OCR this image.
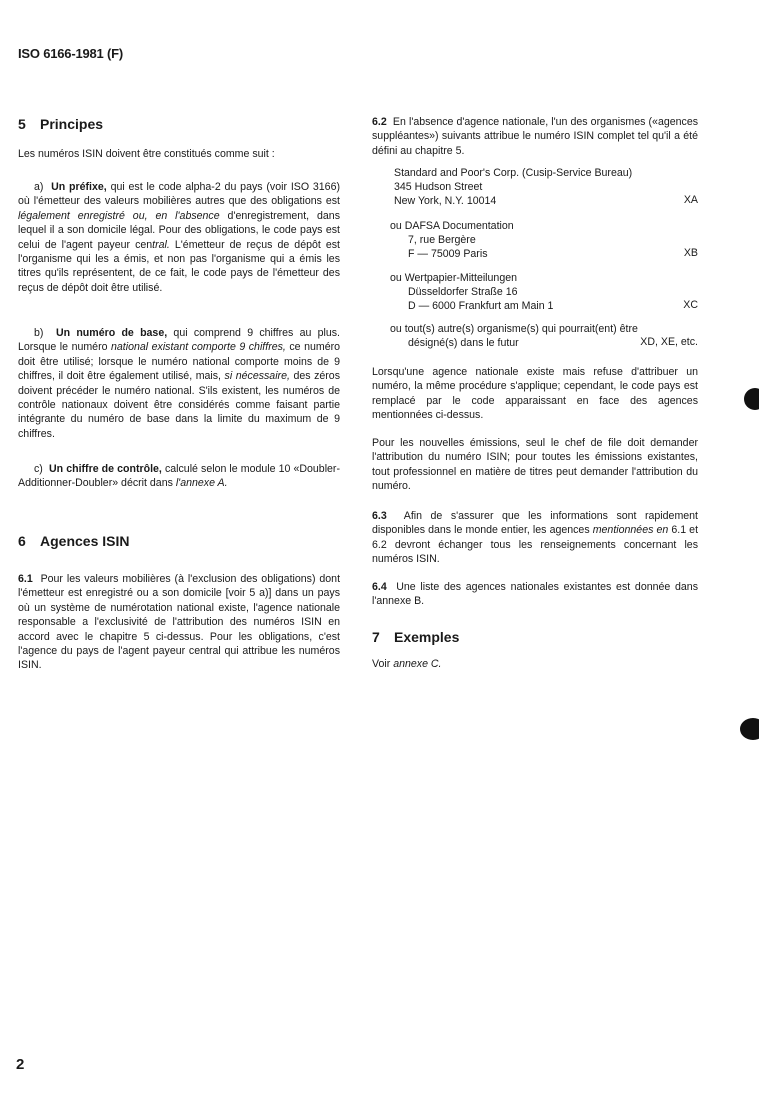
ISO 6166-1981 (F)
5 Principes

Les numéros ISIN doivent être constitués comme suit :

a) Un préfixe, qui est le code alpha-2 du pays (voir ISO 3166) où l'émetteur des valeurs mobilières autres que des obligations est légalement enregistré ou, en l'absence d'enregistrement, dans lequel il a son domicile légal. Pour des obligations, le code pays est celui de l'agent payeur central. L'émetteur de reçus de dépôt est l'organisme qui les a émis, et non pas l'organisme qui a émis les titres qu'ils représentent, de ce fait, le code pays de l'émetteur des reçus de dépôt doit être utilisé.

b) Un numéro de base, qui comprend 9 chiffres au plus. Lorsque le numéro national existant comporte 9 chiffres, ce numéro doit être utilisé; lorsque le numéro national comporte moins de 9 chiffres, il doit être également utilisé, mais, si nécessaire, des zéros doivent précéder le numéro national. S'ils existent, les numéros de contrôle nationaux doivent être considérés comme faisant partie intégrante du numéro de base dans la limite du maximum de 9 chiffres.

c) Un chiffre de contrôle, calculé selon le module 10 «Doubler-Additionner-Doubler» décrit dans l'annexe A.

6 Agences ISIN

6.1 Pour les valeurs mobilières (à l'exclusion des obligations) dont l'émetteur est enregistré ou a son domicile [voir 5 a)] dans un pays où un système de numérotation national existe, l'agence nationale responsable a l'exclusivité de l'attribution des numéros ISIN en accord avec le chapitre 5 ci-dessus. Pour les obligations, c'est l'agence du pays de l'agent payeur central qui attribue les numéros ISIN.

6.2 En l'absence d'agence nationale, l'un des organismes («agences suppléantes») suivants attribue le numéro ISIN complet tel qu'il a été défini au chapitre 5.

Standard and Poor's Corp. (Cusip-Service Bureau)
345 Hudson Street
New York, N.Y. 10014	XA
ou DAFSA Documentation
7, rue Bergère
F — 75009 Paris	XB
ou Wertpapier-Mitteilungen
Düsseldorfer Straße 16
D — 6000 Frankfurt am Main 1	XC
ou tout(s) autre(s) organisme(s) qui pourrait(ent) être
désigné(s) dans le futur	XD, XE, etc.

Lorsqu'une agence nationale existe mais refuse d'attribuer un numéro, la même procédure s'applique; cependant, le code pays est remplacé par le code apparaissant en face des agences mentionnées ci-dessus.

Pour les nouvelles émissions, seul le chef de file doit demander l'attribution du numéro ISIN; pour toutes les émissions existantes, tout professionnel en matière de titres peut demander l'attribution du numéro.

6.3 Afin de s'assurer que les informations sont rapidement disponibles dans le monde entier, les agences mentionnées en 6.1 et 6.2 devront échanger tous les renseignements concernant les numéros ISIN.

6.4 Une liste des agences nationales existantes est donnée dans l'annexe B.

7 Exemples

Voir annexe C.

2
